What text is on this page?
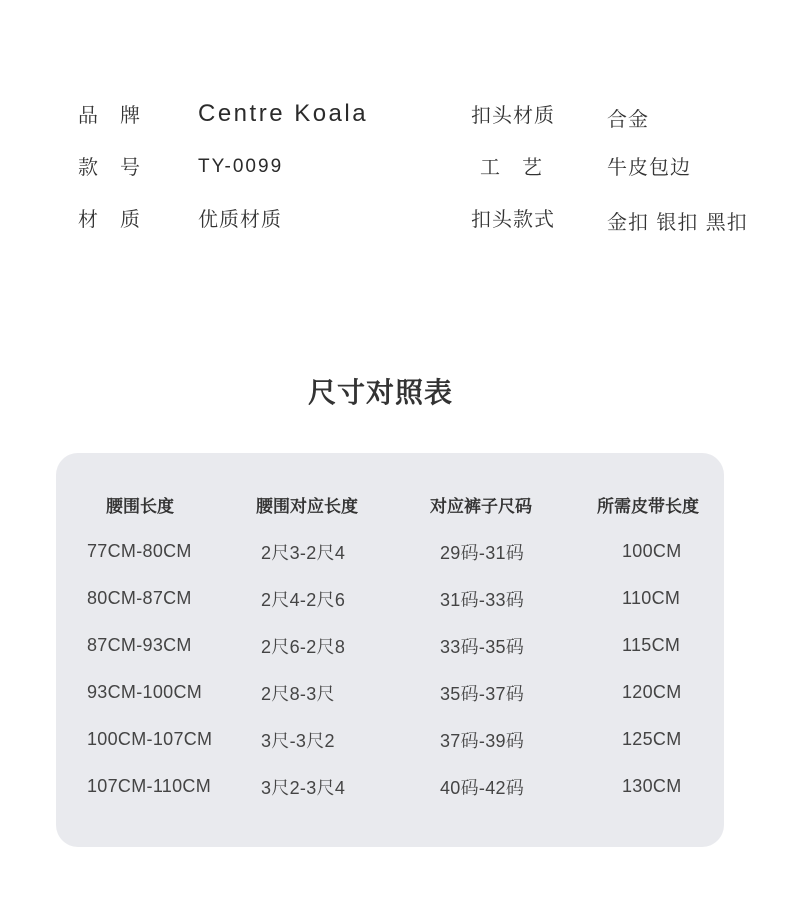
品　牌 Centre Koala
款　号	TY-0099
材　质	优质材质
扣头材质	合金
工　艺	牛皮包边
扣头款式	金扣 银扣 黑扣
尺寸对照表
腰围长度	腰围对应长度	对应裤子尺码	所需皮带长度
77CM-80CM	2尺3-2尺4	29码-31码	100CM
80CM-87CM	2尺4-2尺6	31码-33码	110CM
87CM-93CM	2尺6-2尺8	33码-35码	115CM
93CM-100CM	2尺8-3尺	35码-37码	120CM
100CM-107CM	3尺-3尺2	37码-39码	125CM
107CM-110CM	3尺2-3尺4	40码-42码	130CM
